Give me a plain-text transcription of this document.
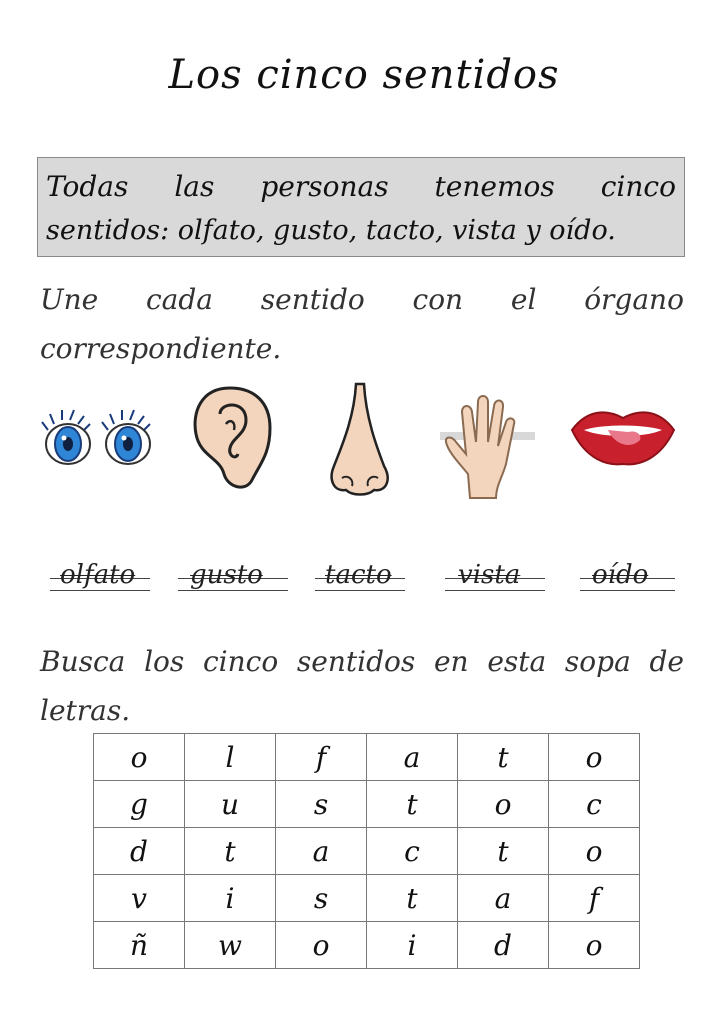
Los cinco sentidos
Todas las personas tenemos cinco
sentidos: olfato, gusto, tacto, vista y oído.
Une cada sentido con el órgano
correspondiente.
olfato gusto tacto	vista	oído
Busca los cinco sentidos en esta sopa de
letras.
o	l	f	a	t	o
g	u	s	t	o	c
d	t	a	c	t	o
v	i	s	t	a	f
ñ	w	o	i	d	o
